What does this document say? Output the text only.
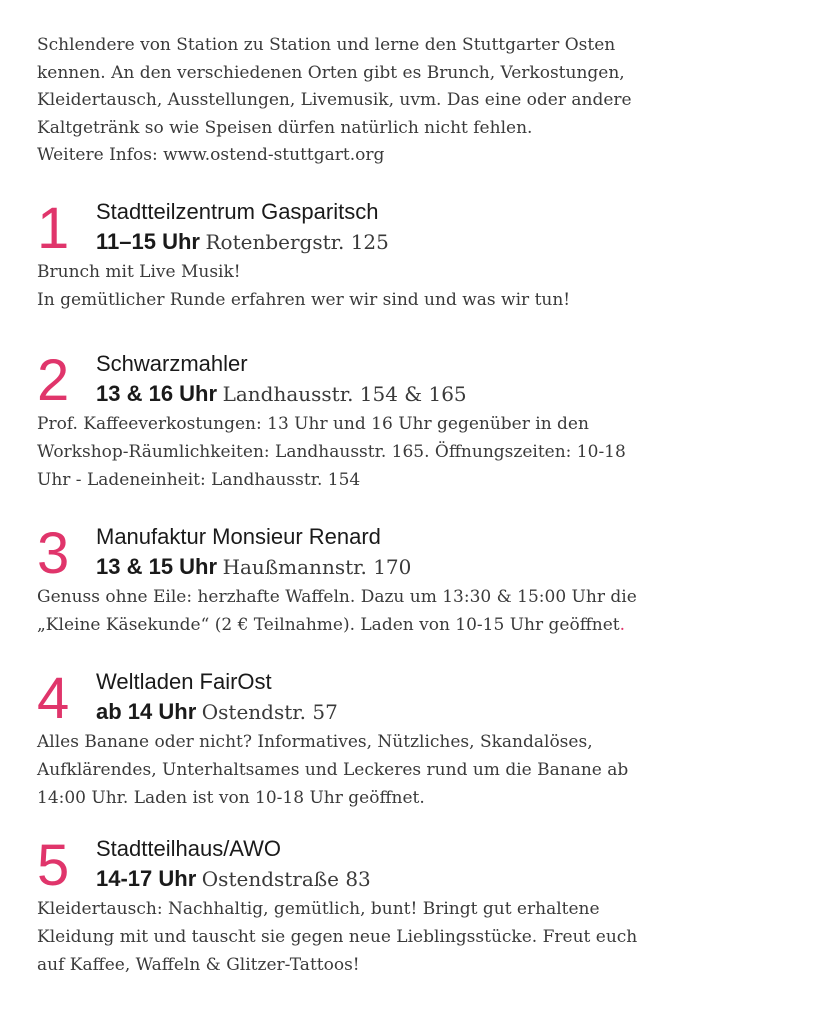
Schlendere von Station zu Station und lerne den Stuttgarter Osten
kennen. An den verschiedenen Orten gibt es Brunch, Verkostungen,
Kleidertausch, Ausstellungen, Livemusik, uvm. Das eine oder andere
Kaltgetränk so wie Speisen dürfen natürlich nicht fehlen.
Weitere Infos: www.ostend-stuttgart.org
1 Stadtteilzentrum Gasparitsch
11–15 Uhr Rotenbergstr. 125
Brunch mit Live Musik!
In gemütlicher Runde erfahren wer wir sind und was wir tun!
2 Schwarzmahler
13 & 16 Uhr Landhausstr. 154 & 165
Prof. Kaffeeverkostungen: 13 Uhr und 16 Uhr gegenüber in den
Workshop-Räumlichkeiten: Landhausstr. 165. Öffnungszeiten: 10-18
Uhr - Ladeneinheit: Landhausstr. 154
3 Manufaktur Monsieur Renard
13 & 15 Uhr Haußmannstr. 170
Genuss ohne Eile: herzhafte Waffeln. Dazu um 13:30 & 15:00 Uhr die
„Kleine Käsekunde“ (2 € Teilnahme). Laden von 10-15 Uhr geöffnet.
4 Weltladen FairOst
ab 14 Uhr Ostendstr. 57
Alles Banane oder nicht? Informatives, Nützliches, Skandalöses,
Aufklärendes, Unterhaltsames und Leckeres rund um die Banane ab
14:00 Uhr. Laden ist von 10-18 Uhr geöffnet.
5 Stadtteilhaus/AWO
14-17 Uhr Ostendstraße 83
Kleidertausch: Nachhaltig, gemütlich, bunt! Bringt gut erhaltene
Kleidung mit und tauscht sie gegen neue Lieblingsstücke. Freut euch
auf Kaffee, Waffeln & Glitzer-Tattoos!
